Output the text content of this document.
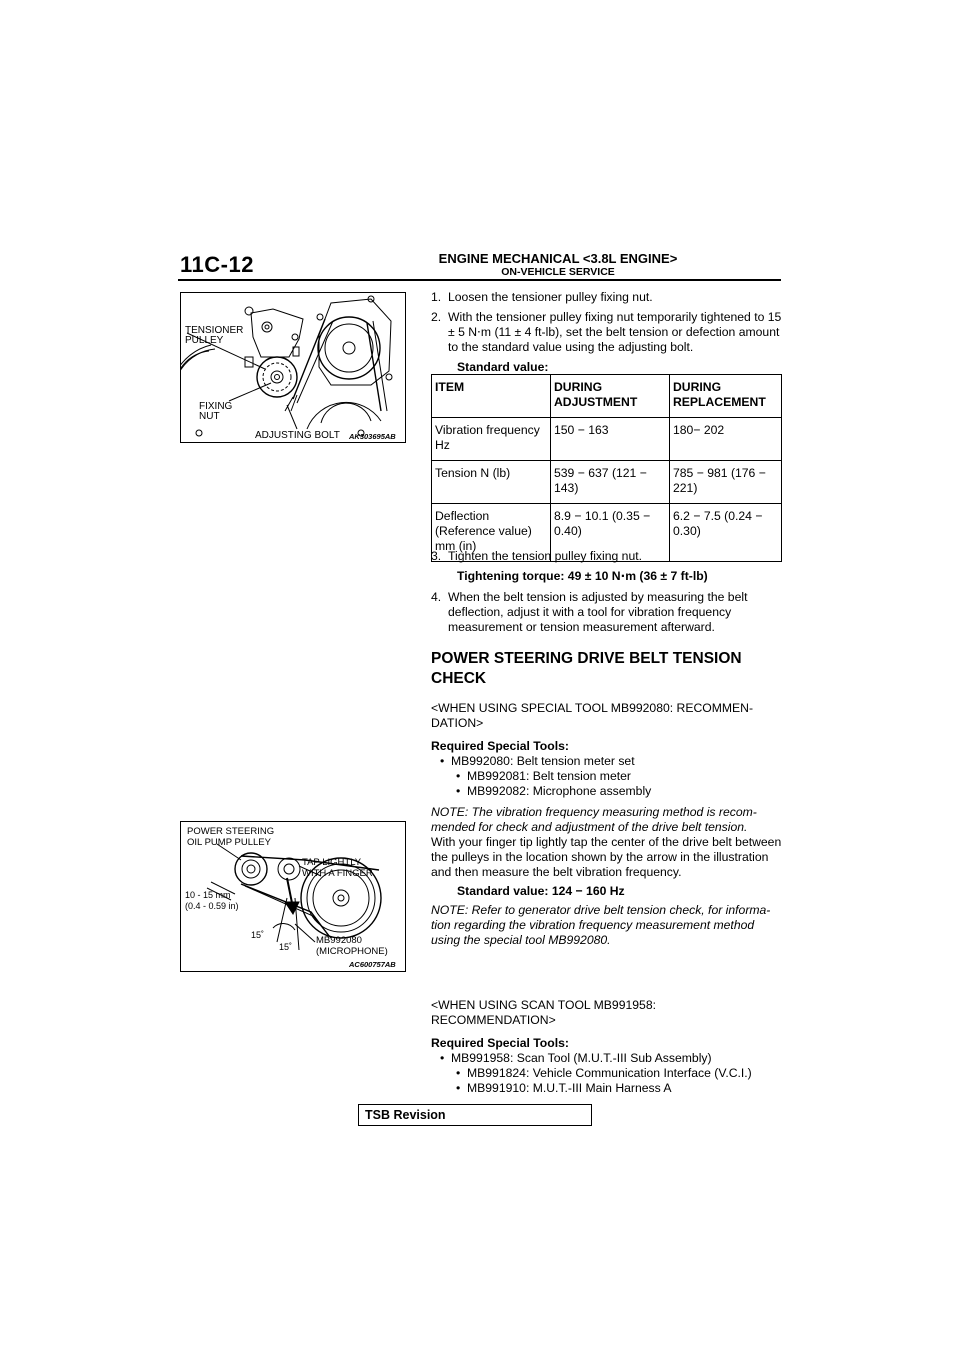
11C-12	ENGINE MECHANICAL <3.8L ENGINE>
ON-VEHICLE SERVICE
TENSIONER
PULLEY
FIXING
NUT
ADJUSTING BOLT AK303695AB
1. Loosen the tensioner pulley fixing nut.
2. With the tensioner pulley fixing nut temporarily tightened to 15 ± 5 N⋅m (11 ± 4 ft-lb), set the belt tension or defection amount to the standard value using the adjusting bolt.

Standard value:

ITEM	DURING ADJUSTMENT	DURING REPLACEMENT
Vibration frequency Hz	150 − 163	180− 202
Tension N (lb)	539 − 637 (121 − 143)	785 − 981 (176 − 221)
Deflection (Reference value) mm (in)	8.9 − 10.1 (0.35 − 0.40)	6.2 − 7.5 (0.24 − 0.30)
3. Tighten the tension pulley fixing nut.

Tightening torque: 49 ± 10 N⋅m (36 ± 7 ft-lb)

4. When the belt tension is adjusted by measuring the belt deflection, adjust it with a tool for vibration frequency measurement or tension measurement afterward.

POWER STEERING DRIVE BELT TENSION CHECK

<WHEN USING SPECIAL TOOL MB992080: RECOMMEN-DATION>

Required Special Tools:

• MB992080: Belt tension meter set
• MB992081: Belt tension meter
• MB992082: Microphone assembly

NOTE: The vibration frequency measuring method is recom-mended for check and adjustment of the drive belt tension.

With your finger tip lightly tap the center of the drive belt between the pulleys in the location shown by the arrow in the illustration and then measure the belt vibration frequency.

Standard value: 124 − 160 Hz

NOTE: Refer to generator drive belt tension check, for informa-tion regarding the vibration frequency measurement method using the special tool MB992080.

POWER STEERING
OIL PUMP PULLEY
TAP LIGHTLY
WITH A FINGER
10 - 15 mm
(0.4 - 0.59 in)
15˚
15˚
MB992080
(MICROPHONE)
AC600757AB

<WHEN USING SCAN TOOL MB991958: RECOMMENDATION>

Required Special Tools:

• MB991958: Scan Tool (M.U.T.-III Sub Assembly)
• MB991824: Vehicle Communication Interface (V.C.I.)
• MB991910: M.U.T.-III Main Harness A
TSB Revision
